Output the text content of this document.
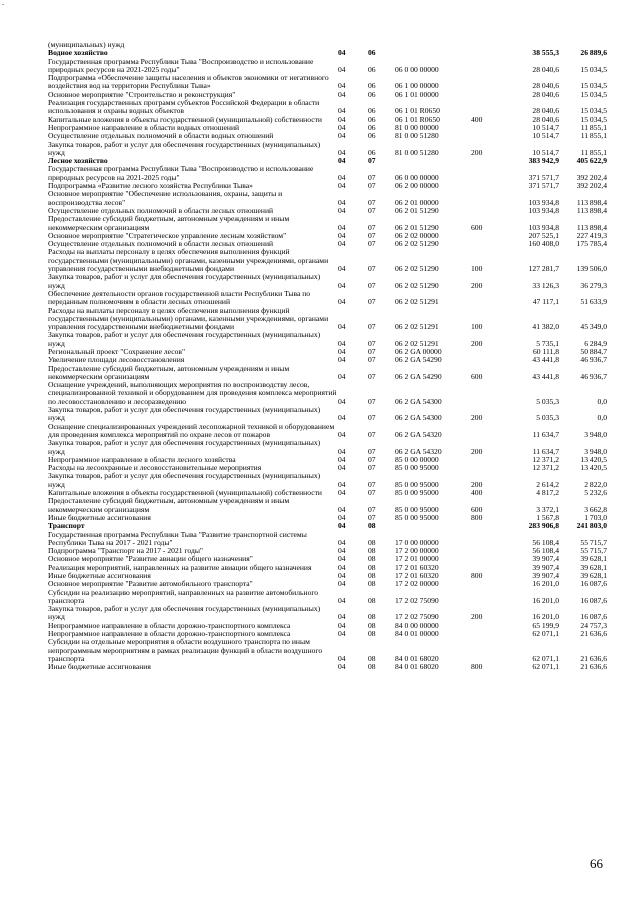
-
(муниципальных) нужд						
Водное хозяйство	04	06			38 555,3	26 889,6
Государственная программа Республики Тыва "Воспроизводство и использование природных ресурсов на 2021-2025 годы"	04	06	06 0 00 00000		28 040,6	15 034,5
Подпрограмма «Обеспечение защиты населения и объектов экономики от негативного воздействия вод на территории Республики Тыва»	04	06	06 1 00 00000		28 040,6	15 034,5
Основное мероприятие "Строительство и реконструкция"	04	06	06 1 01 00000		28 040,6	15 034,5
Реализация государственных программ субъектов Российской Федерации в области использования и охраны водных объектов	04	06	06 1 01 R0650		28 040,6	15 034,5
Капитальные вложения в объекты государственной (муниципальной) собственности	04	06	06 1 01 R0650	400	28 040,6	15 034,5
Непрограммное направление в области водных отношений	04	06	81 0 00 00000		10 514,7	11 855,1
Осуществление отдельных полномочий в области водных отношений	04	06	81 0 00 51280		10 514,7	11 855,1
Закупка товаров, работ и услуг для обеспечения государственных (муниципальных) нужд	04	06	81 0 00 51280	200	10 514,7	11 855,1
Лесное хозяйство	04	07			383 942,9	405 622,9
Государственная программа Республики Тыва "Воспроизводство и использование природных ресурсов на 2021-2025 годы"	04	07	06 0 00 00000		371 571,7	392 202,4
Подпрограмма «Развитие лесного хозяйства Республики Тыва»	04	07	06 2 00 00000		371 571,7	392 202,4
Основное мероприятие "Обеспечение использования, охраны, защиты и воспроизводства лесов"	04	07	06 2 01 00000		103 934,8	113 898,4
Осуществление отдельных полномочий в области лесных отношений	04	07	06 2 01 51290		103 934,8	113 898,4
Предоставление субсидий бюджетным, автономным учреждениям и иным некоммерческим организациям	04	07	06 2 01 51290	600	103 934,8	113 898,4
Основное мероприятие "Стратегическое управление лесным хозяйством"	04	07	06 2 02 00000		207 525,1	227 419,3
Осуществление отдельных полномочий в области лесных отношений	04	07	06 2 02 51290		160 408,0	175 785,4
Расходы на выплаты персоналу в целях обеспечения выполнения функций государственными (муниципальными) органами, казенными учреждениями, органами управления государственными внебюджетными фондами	04	07	06 2 02 51290	100	127 281,7	139 506,0
Закупка товаров, работ и услуг для обеспечения государственных (муниципальных) нужд	04	07	06 2 02 51290	200	33 126,3	36 279,3
Обеспечение деятельности органов государственной власти Республики Тыва по переданным полномочиям в области лесных отношений	04	07	06 2 02 51291		47 117,1	51 633,9
Расходы на выплаты персоналу в целях обеспечения выполнения функций государственными (муниципальными) органами, казенными учреждениями, органами управления государственными внебюджетными фондами	04	07	06 2 02 51291	100	41 382,0	45 349,0
Закупка товаров, работ и услуг для обеспечения государственных (муниципальных) нужд	04	07	06 2 02 51291	200	5 735,1	6 284,9
Региональный проект "Сохранение лесов"	04	07	06 2 GA 00000		60 111,8	50 884,7
Увеличение площади лесовосстановления	04	07	06 2 GA 54290		43 441,8	46 936,7
Предоставление субсидий бюджетным, автономным учреждениям и иным некоммерческим организациям	04	07	06 2 GA 54290	600	43 441,8	46 936,7
Оснащение учреждений, выполняющих мероприятия по воспроизводству лесов, специализированной техникой и оборудованием для проведения комплекса мероприятий по лесовосстановлению и лесоразведению	04	07	06 2 GA 54300		5 035,3	0,0
Закупка товаров, работ и услуг для обеспечения государственных (муниципальных) нужд	04	07	06 2 GA 54300	200	5 035,3	0,0
Оснащение специализированных учреждений лесопожарной техникой и оборудованием для проведения комплекса мероприятий по охране лесов от пожаров	04	07	06 2 GA 54320		11 634,7	3 948,0
Закупка товаров, работ и услуг для обеспечения государственных (муниципальных) нужд	04	07	06 2 GA 54320	200	11 634,7	3 948,0
Непрограммное направление в области лесного хозяйства	04	07	85 0 00 00000		12 371,2	13 420,5
Расходы на лесоохранные и лесовосстановительные мероприятия	04	07	85 0 00 95000		12 371,2	13 420,5
Закупка товаров, работ и услуг для обеспечения государственных (муниципальных) нужд	04	07	85 0 00 95000	200	2 614,2	2 822,0
Капитальные вложения в объекты государственной (муниципальной) собственности	04	07	85 0 00 95000	400	4 817,2	5 232,6
Предоставление субсидий бюджетным, автономным учреждениям и иным некоммерческим организациям	04	07	85 0 00 95000	600	3 372,1	3 662,8
Иные бюджетные ассигнования	04	07	85 0 00 95000	800	1 567,8	1 703,0
Транспорт	04	08			283 906,8	241 803,0
Государственная программа Республики Тыва "Развитие транспортной системы Республики Тыва на 2017 - 2021 годы"	04	08	17 0 00 00000		56 108,4	55 715,7
Подпрограмма "Транспорт на 2017 - 2021 годы"	04	08	17 2 00 00000		56 108,4	55 715,7
Основное мероприятие "Развитие авиации общего назначения"	04	08	17 2 01 00000		39 907,4	39 628,1
Реализация мероприятий, направленных на развитие авиации общего назначения	04	08	17 2 01 60320		39 907,4	39 628,1
Иные бюджетные ассигнования	04	08	17 2 01 60320	800	39 907,4	39 628,1
Основное мероприятие "Развитие автомобильного транспорта"	04	08	17 2 02 00000		16 201,0	16 087,6
Субсидии на реализацию мероприятий, направленных на развитие автомобильного транспорта	04	08	17 2 02 75090		16 201,0	16 087,6
Закупка товаров, работ и услуг для обеспечения государственных (муниципальных) нужд	04	08	17 2 02 75090	200	16 201,0	16 087,6
Непрограммное направление в области дорожно-транспортного комплекса	04	08	84 0 00 00000		65 199,9	24 757,3
Непрограммное направление в области дорожно-транспортного комплекса	04	08	84 0 01 00000		62 071,1	21 636,6
Субсидии на отдельные мероприятия в области воздушного транспорта по иным непрограммным мероприятиям в рамках реализации функций в области воздушного транспорта	04	08	84 0 01 68020		62 071,1	21 636,6
Иные бюджетные ассигнования	04	08	84 0 01 68020	800	62 071,1	21 636,6
66
